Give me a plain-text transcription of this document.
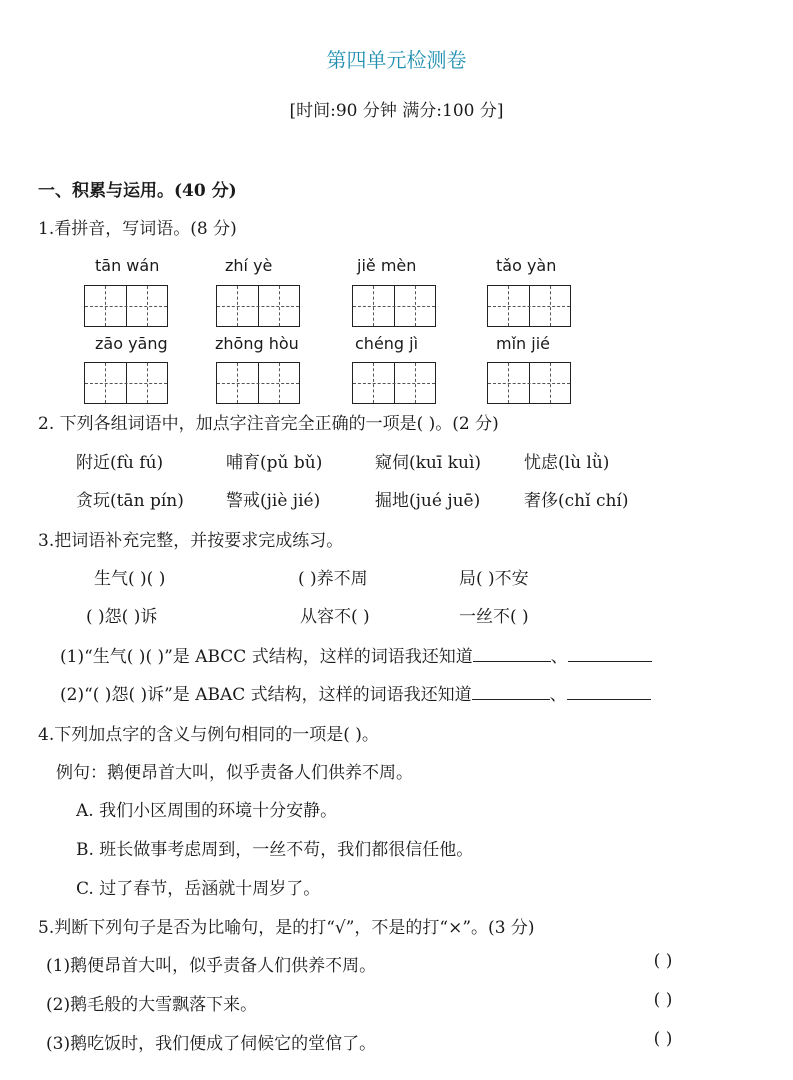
第四单元检测卷
[时间:90 分钟 满分:100 分]
一、积累与运用。(40 分)
1.看拼音，写词语。(8 分)
tān wán	zhí yè	jiě mèn	tǎo yàn
zāo yāng	zhōng hòu	chéng jì	mǐn jié
2. 下列各组词语中，加点字注音完全正确的一项是( )。(2 分)
附近(fù fú)	哺育(pǔ bǔ)	窥伺(kuī kuì)	忧虑(lù lǜ)
贪玩(tān pín) 警戒(jiè jié)	掘地(jué juē)	奢侈(chǐ chí)
3.把词语补充完整，并按要求完成练习。
生气( )( )	( )养不周	局( )不安
( )怨( )诉	从容不( )	一丝不( )
(1)“生气( )( )”是 ABCC 式结构，这样的词语我还知道	、
(2)“( )怨( )诉”是 ABAC 式结构，这样的词语我还知道	、
4.下列加点字的含义与例句相同的一项是( )。
例句：鹅便昂首大叫，似乎责备人们供养不周。
A. 我们小区周围的环境十分安静。
B. 班长做事考虑周到，一丝不苟，我们都很信任他。
C. 过了春节，岳涵就十周岁了。
5.判断下列句子是否为比喻句，是的打“√”，不是的打“×”。(3 分)
(1)鹅便昂首大叫，似乎责备人们供养不周。	( )
(2)鹅毛般的大雪飘落下来。	( )
(3)鹅吃饭时，我们便成了伺候它的堂倌了。	( )
